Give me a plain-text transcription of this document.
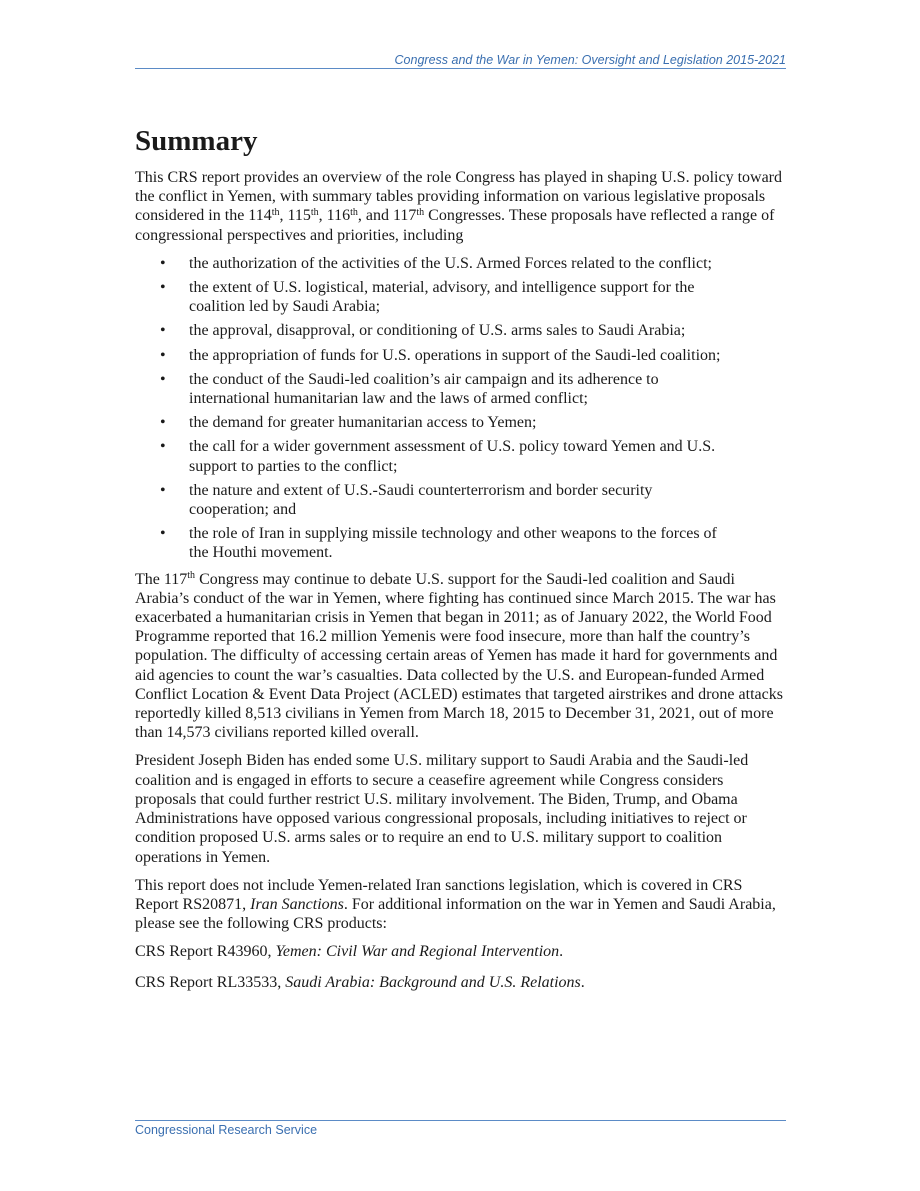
Congress and the War in Yemen: Oversight and Legislation 2015-2021
Summary

This CRS report provides an overview of the role Congress has played in shaping U.S. policy toward the conflict in Yemen, with summary tables providing information on various legislative proposals considered in the 114th, 115th, 116th, and 117th Congresses. These proposals have reflected a range of congressional perspectives and priorities, including

• the authorization of the activities of the U.S. Armed Forces related to the conflict;
• the extent of U.S. logistical, material, advisory, and intelligence support for the coalition led by Saudi Arabia;
• the approval, disapproval, or conditioning of U.S. arms sales to Saudi Arabia;
• the appropriation of funds for U.S. operations in support of the Saudi-led coalition;
• the conduct of the Saudi-led coalition’s air campaign and its adherence to international humanitarian law and the laws of armed conflict;
• the demand for greater humanitarian access to Yemen;
• the call for a wider government assessment of U.S. policy toward Yemen and U.S. support to parties to the conflict;
• the nature and extent of U.S.-Saudi counterterrorism and border security cooperation; and
• the role of Iran in supplying missile technology and other weapons to the forces of the Houthi movement.

The 117th Congress may continue to debate U.S. support for the Saudi-led coalition and Saudi Arabia’s conduct of the war in Yemen, where fighting has continued since March 2015. The war has exacerbated a humanitarian crisis in Yemen that began in 2011; as of January 2022, the World Food Programme reported that 16.2 million Yemenis were food insecure, more than half the country’s population. The difficulty of accessing certain areas of Yemen has made it hard for governments and aid agencies to count the war’s casualties. Data collected by the U.S. and European-funded Armed Conflict Location & Event Data Project (ACLED) estimates that targeted airstrikes and drone attacks reportedly killed 8,513 civilians in Yemen from March 18, 2015 to December 31, 2021, out of more than 14,573 civilians reported killed overall.

President Joseph Biden has ended some U.S. military support to Saudi Arabia and the Saudi-led coalition and is engaged in efforts to secure a ceasefire agreement while Congress considers proposals that could further restrict U.S. military involvement. The Biden, Trump, and Obama Administrations have opposed various congressional proposals, including initiatives to reject or condition proposed U.S. arms sales or to require an end to U.S. military support to coalition operations in Yemen.

This report does not include Yemen-related Iran sanctions legislation, which is covered in CRS Report RS20871, Iran Sanctions. For additional information on the war in Yemen and Saudi Arabia, please see the following CRS products:

CRS Report R43960, Yemen: Civil War and Regional Intervention.

CRS Report RL33533, Saudi Arabia: Background and U.S. Relations.

Congressional Research Service
